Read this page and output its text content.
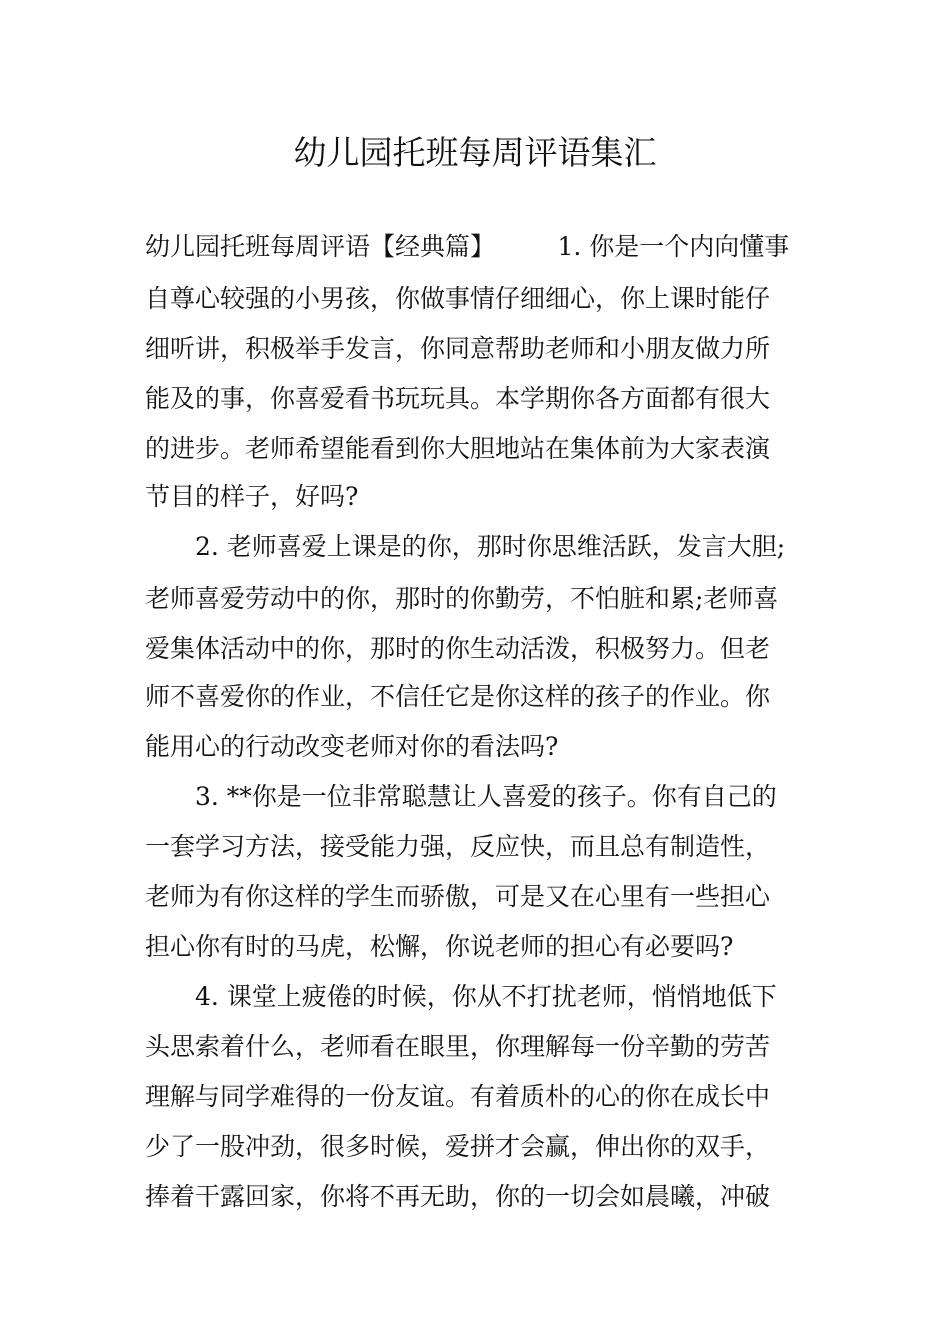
幼儿园托班每周评语集汇

幼儿园托班每周评语【经典篇】　　　1. 你是一个内向懂事

自尊心较强的小男孩，你做事情仔细细心，你上课时能仔

细听讲，积极举手发言，你同意帮助老师和小朋友做力所

能及的事，你喜爱看书玩玩具。本学期你各方面都有很大

的进步。老师希望能看到你大胆地站在集体前为大家表演

节目的样子，好吗?

　　2. 老师喜爱上课是的你，那时你思维活跃，发言大胆;

老师喜爱劳动中的你，那时的你勤劳，不怕脏和累;老师喜

爱集体活动中的你，那时的你生动活泼，积极努力。但老

师不喜爱你的作业，不信任它是你这样的孩子的作业。你

能用心的行动改变老师对你的看法吗?

　　3. **你是一位非常聪慧让人喜爱的孩子。你有自己的

一套学习方法，接受能力强，反应快，而且总有制造性，

老师为有你这样的学生而骄傲，可是又在心里有一些担心

担心你有时的马虎，松懈，你说老师的担心有必要吗?

　　4. 课堂上疲倦的时候，你从不打扰老师，悄悄地低下

头思索着什么，老师看在眼里，你理解每一份辛勤的劳苦

理解与同学难得的一份友谊。有着质朴的心的你在成长中

少了一股冲劲，很多时候，爱拼才会赢，伸出你的双手，

捧着干露回家，你将不再无助，你的一切会如晨曦，冲破
